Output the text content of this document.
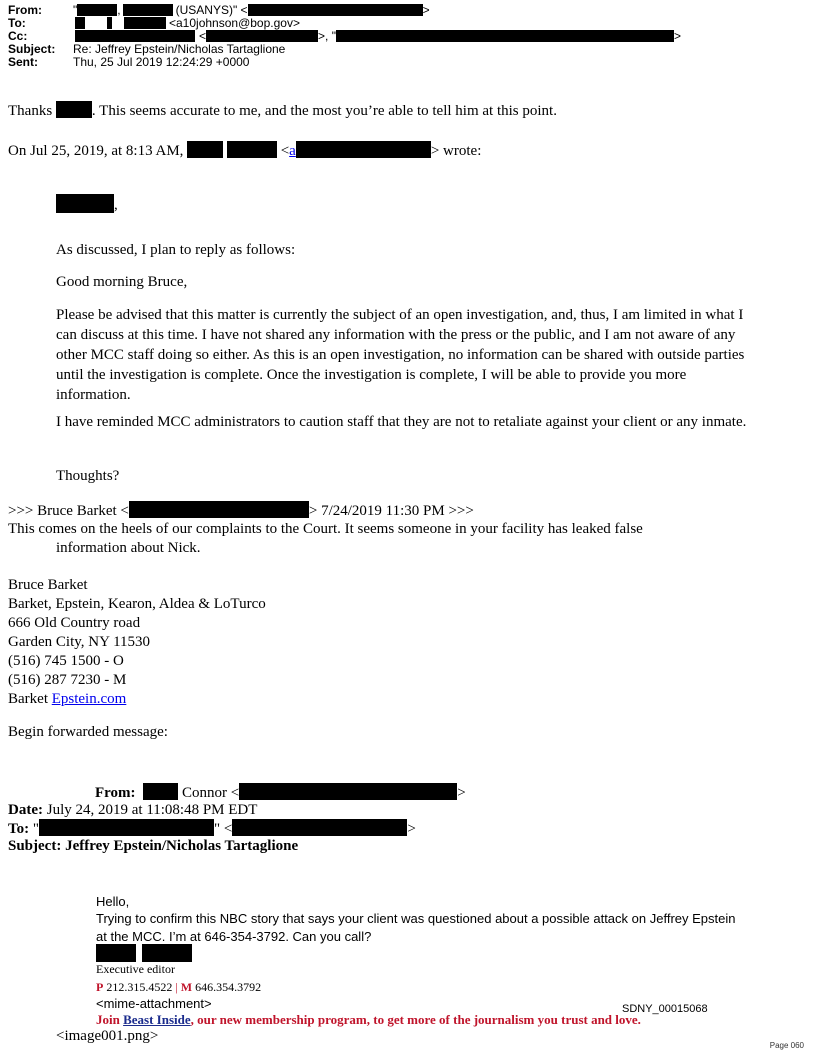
From:	"	,	(USANYS)" <	>
To:	<a10johnson@bop.gov>
Cc:	<	>, "	>
Subject:	Re: Jeffrey Epstein/Nicholas Tartaglione
Sent:	Thu, 25 Jul 2019 12:24:29 +0000
Thanks	. This seems accurate to me, and the most you’re able to tell him at this point.
On Jul 25, 2019, at 8:13 AM,	<a	> wrote:
,
As discussed, I plan to reply as follows:
Good morning Bruce,
Please be advised that this matter is currently the subject of an open investigation, and, thus, I am limited in what I can discuss at this time. I have not shared any information with the press or the public, and I am not aware of any other MCC staff doing so either. As this is an open investigation, no information can be shared with outside parties until the investigation is complete. Once the investigation is complete, I will be able to provide you more information.
I have reminded MCC administrators to caution staff that they are not to retaliate against your client or any inmate.
Thoughts?
>>> Bruce Barket <	> 7/24/2019 11:30 PM >>>
This comes on the heels of our complaints to the Court. It seems someone in your facility has leaked false
information about Nick.
Bruce Barket
Barket, Epstein, Kearon, Aldea & LoTurco
666 Old Country road
Garden City, NY 11530
(516) 745 1500 - O
(516) 287 7230 - M
Barket Epstein.com
Begin forwarded message:
From:	Connor <	>
Date: July 24, 2019 at 11:08:48 PM EDT
To: "	" <	>
Subject: Jeffrey Epstein/Nicholas Tartaglione
Hello,
Trying to confirm this NBC story that says your client was questioned about a possible attack on Jeffrey Epstein at the MCC. I’m at 646-354-3792. Can you call?

Executive editor
P 212.315.4522 | M 646.354.3792
<mime-attachment>
Join Beast Inside, our new membership program, to get more of the journalism you trust and love.
<image001.png>
SDNY_00015068
Page 060
